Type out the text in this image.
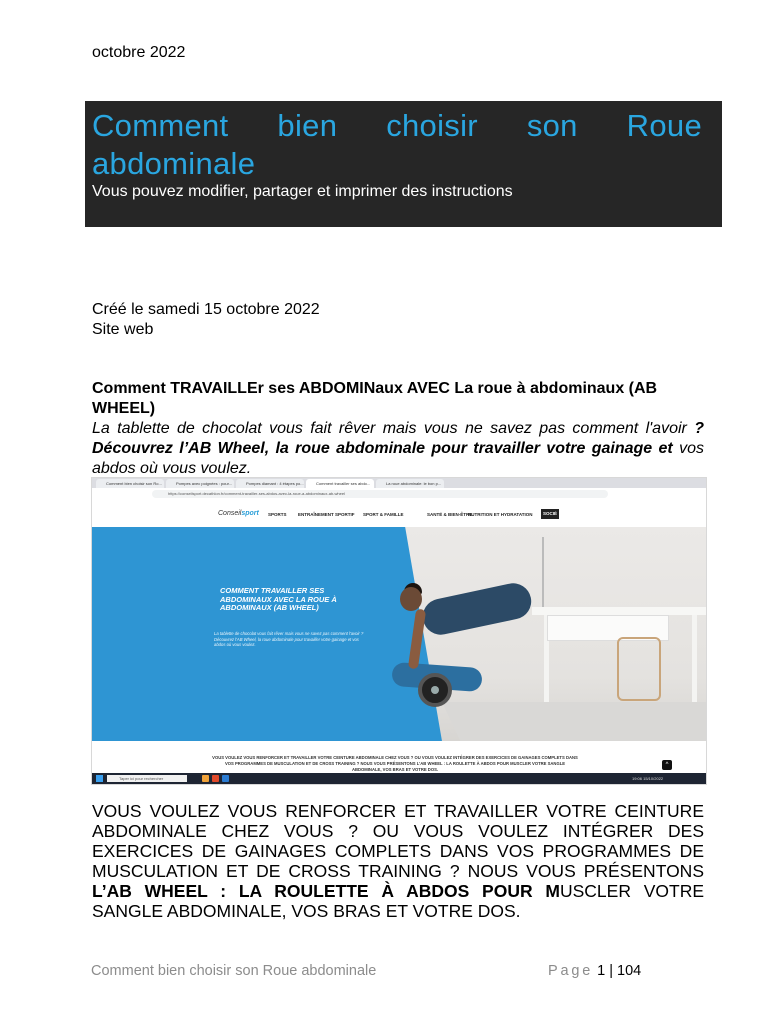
octobre 2022
Comment bien choisir son Roue abdominale
Vous pouvez modifier, partager et imprimer des instructions
Créé le samedi 15 octobre 2022
Site web
Comment TRAVAILLEr ses ABDOMINaux AVEC La roue à abdominaux (AB WHEEL)

La tablette de chocolat vous fait rêver mais vous ne savez pas comment l'avoir ? Découvrez l’AB Wheel, la roue abdominale pour travailler votre gainage et vos abdos où vous voulez.

Comment bien choisir son Ro...	Pompes avec poignées : pour...	Pompes diamant : 4 étapes po...	Comment travailler ses abdo...	La roue abdominale: le bon p...
https://conseilsport.decathlon.fr/comment-travailler-ses-abdos-avec-la-roue-a-abdominaux-ab-wheel
Conseilsport SPORTS	ENTRAÎNEMENT SPORTIF SPORT & FAMILLE	SANTÉ & BIEN-ÊTRE
NUTRITION ET HYDRATATION	SOCIÉ
COMMENT TRAVAILLER SES ABDOMINAUX AVEC LA ROUE À ABDOMINAUX (AB WHEEL)
La tablette de chocolat vous fait rêver mais vous ne savez pas comment l'avoir ? Découvrez l'AB Wheel, la roue abdominale pour travailler votre gainage et vos abdos où vous voulez.

VOUS VOULEZ VOUS RENFORCER ET TRAVAILLER VOTRE CEINTURE ABDOMINALE CHEZ VOUS ? OU VOUS VOULEZ INTÉGRER DES EXERCICES DE GAINAGES COMPLETS DANS VOS PROGRAMMES DE MUSCULATION ET DE CROSS TRAINING ? NOUS VOUS PRÉSENTONS L'AB WHEEL : LA ROULETTE À ABDOS POUR MUSCLER VOTRE SANGLE ABDOMINALE, VOS BRAS ET VOTRE DOS.

^
Taper ici pour rechercher	19:06 15/10/2022
VOUS VOULEZ VOUS RENFORCER ET TRAVAILLER VOTRE CEINTURE ABDOMINALE CHEZ VOUS ? OU VOUS VOULEZ INTÉGRER DES EXERCICES DE GAINAGES COMPLETS DANS VOS PROGRAMMES DE MUSCULATION ET DE CROSS TRAINING ? NOUS VOUS PRÉSENTONS L’AB WHEEL : LA ROULETTE À ABDOS POUR MUSCLER VOTRE SANGLE ABDOMINALE, VOS BRAS ET VOTRE DOS.
Comment bien choisir son Roue abdominale	Page 1 | 104
